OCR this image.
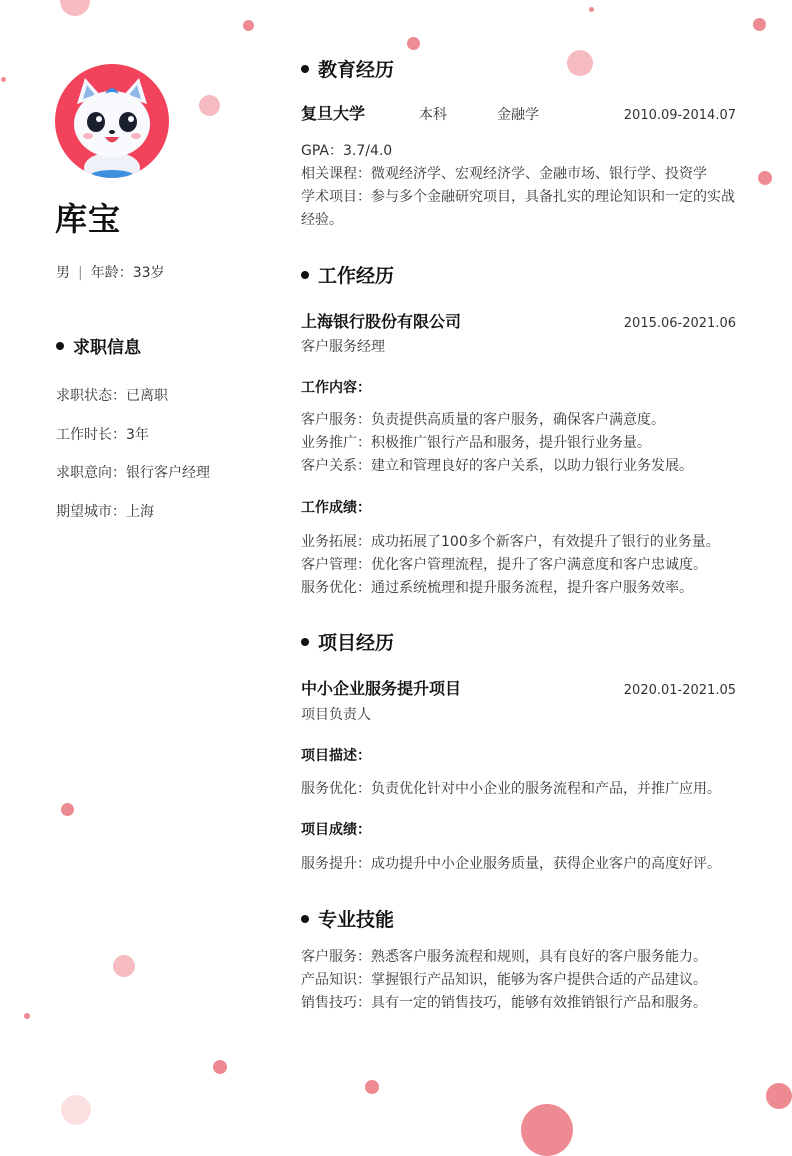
库宝
男 | 年龄：33岁
求职信息
求职状态：已离职
工作时长：3年
求职意向：银行客户经理
期望城市：上海
教育经历
复旦大学	本科	金融学	2010.09-2014.07
GPA：3.7/4.0
相关课程：微观经济学、宏观经济学、金融市场、银行学、投资学
学术项目：参与多个金融研究项目，具备扎实的理论知识和一定的实战经验。
工作经历
上海银行股份有限公司	2015.06-2021.06
客户服务经理
工作内容：
客户服务：负责提供高质量的客户服务，确保客户满意度。
业务推广：积极推广银行产品和服务，提升银行业务量。
客户关系：建立和管理良好的客户关系，以助力银行业务发展。
工作成绩：
业务拓展：成功拓展了100多个新客户，有效提升了银行的业务量。
客户管理：优化客户管理流程，提升了客户满意度和客户忠诚度。
服务优化：通过系统梳理和提升服务流程，提升客户服务效率。
项目经历
中小企业服务提升项目	2020.01-2021.05
项目负责人
项目描述：
服务优化：负责优化针对中小企业的服务流程和产品，并推广应用。
项目成绩：
服务提升：成功提升中小企业服务质量，获得企业客户的高度好评。
专业技能
客户服务：熟悉客户服务流程和规则，具有良好的客户服务能力。
产品知识：掌握银行产品知识，能够为客户提供合适的产品建议。
销售技巧：具有一定的销售技巧，能够有效推销银行产品和服务。
